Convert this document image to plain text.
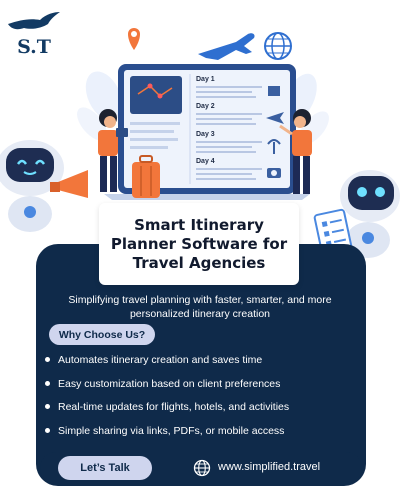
S.T
Day 1
Day 2
Day 3
Day 4
Smart Itinerary Planner Software for Travel Agencies

Simplifying travel planning with faster, smarter, and more personalized itinerary creation

Why Choose Us?
Automates itinerary creation and saves time
Easy customization based on client preferences
Real-time updates for flights, hotels, and activities
Simple sharing via links, PDFs, or mobile access
Let’s Talk	www.simplified.travel
